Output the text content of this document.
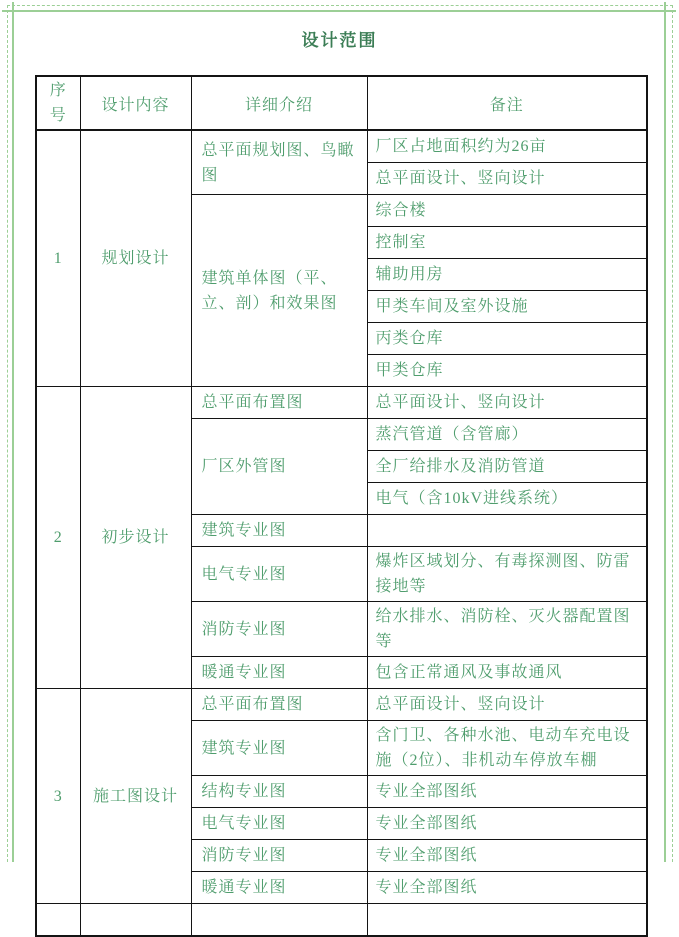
设计范围
序号	设计内容	详细介绍	备注
1	规划设计	总平面规划图、鸟瞰图	厂区占地面积约为26亩
			总平面设计、竖向设计
		建筑单体图（平、立、剖）和效果图	综合楼
			控制室
			辅助用房
			甲类车间及室外设施
			丙类仓库
			甲类仓库
2	初步设计	总平面布置图	总平面设计、竖向设计
		厂区外管图	蒸汽管道（含管廊）
			全厂给排水及消防管道
			电气（含10kV进线系统）
		建筑专业图	
		电气专业图	爆炸区域划分、有毒探测图、防雷接地等
		消防专业图	给水排水、消防栓、灭火器配置图等
		暖通专业图	包含正常通风及事故通风
3	施工图设计	总平面布置图	总平面设计、竖向设计
		建筑专业图	含门卫、各种水池、电动车充电设施（2位）、非机动车停放车棚
		结构专业图	专业全部图纸
		电气专业图	专业全部图纸
		消防专业图	专业全部图纸
		暖通专业图	专业全部图纸
